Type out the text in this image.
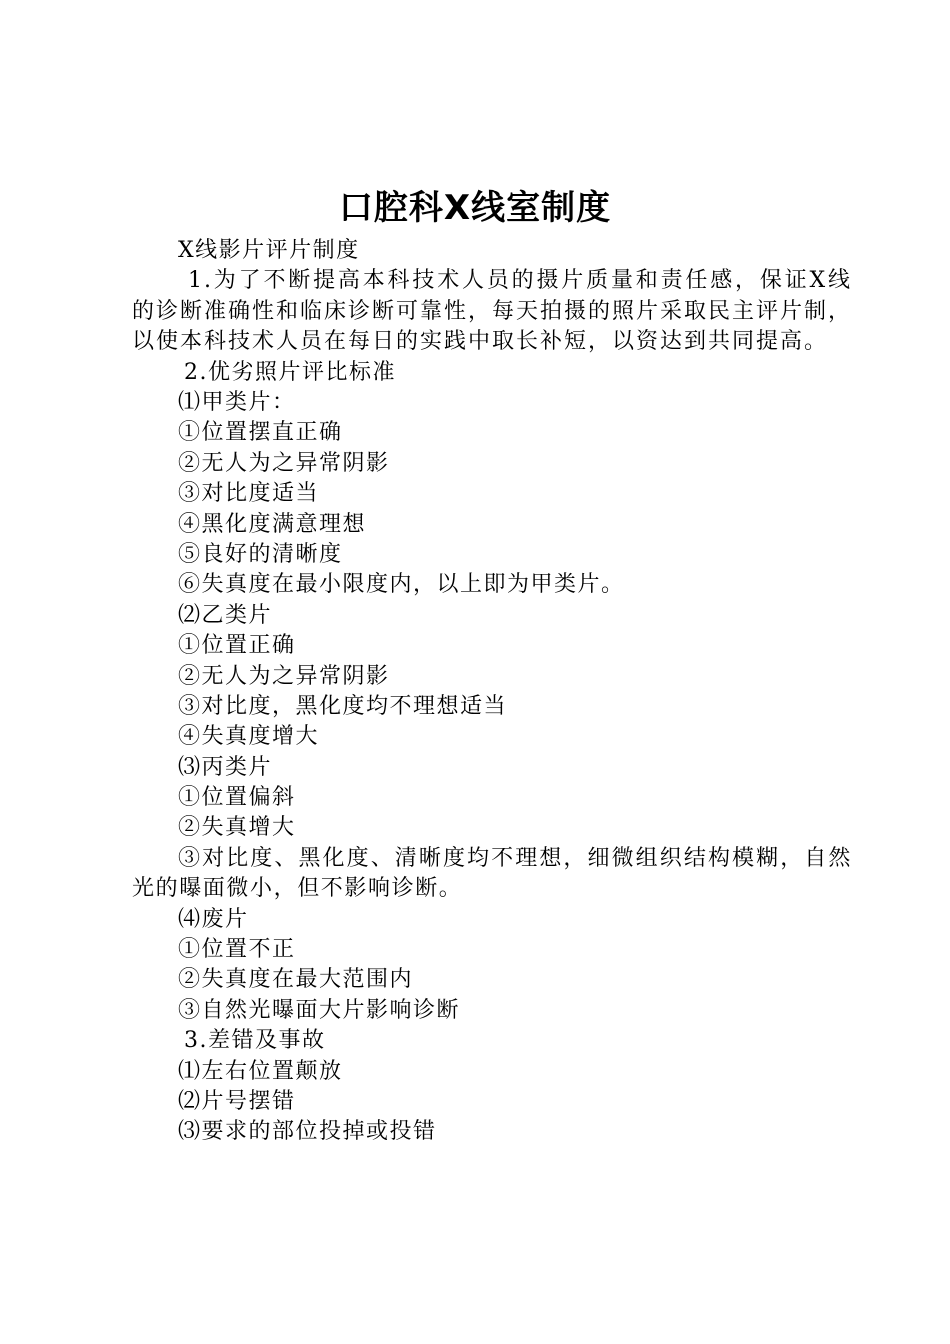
口腔科X线室制度

X线影片评片制度

1.为了不断提高本科技术人员的摄片质量和责任感，保证X线的诊断准确性和临床诊断可靠性，每天拍摄的照片采取民主评片制，以使本科技术人员在每日的实践中取长补短，以资达到共同提高。

2.优劣照片评比标准

⑴甲类片：

①位置摆直正确

②无人为之异常阴影

③对比度适当

④黑化度满意理想

⑤良好的清晰度

⑥失真度在最小限度内，以上即为甲类片。

⑵乙类片

①位置正确

②无人为之异常阴影

③对比度，黑化度均不理想适当

④失真度增大

⑶丙类片

①位置偏斜

②失真增大

③对比度、黑化度、清晰度均不理想，细微组织结构模糊，自然光的曝面微小，但不影响诊断。

⑷废片

①位置不正

②失真度在最大范围内

③自然光曝面大片影响诊断

3.差错及事故

⑴左右位置颠放

⑵片号摆错

⑶要求的部位投掉或投错
